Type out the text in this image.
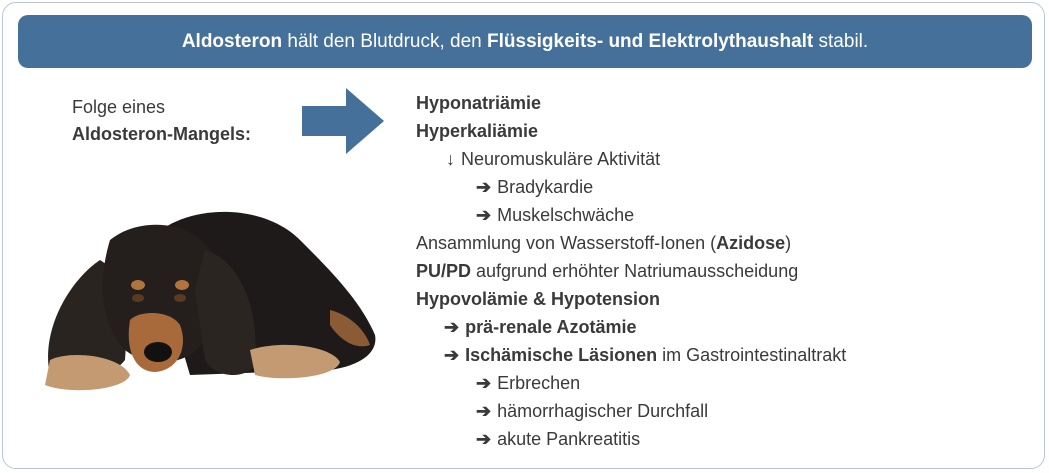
Aldosteron hält den Blutdruck, den Flüssigkeits- und Elektrolythaushalt stabil.
Folge eines
Aldosteron-Mangels:
Hyponatriämie
Hyperkaliämie
↓ Neuromuskuläre Aktivität
➔ Bradykardie
➔ Muskelschwäche
Ansammlung von Wasserstoff-Ionen (Azidose)
PU/PD aufgrund erhöhter Natriumausscheidung
Hypovolämie & Hypotension
➔ prä-renale Azotämie
➔ Ischämische Läsionen im Gastrointestinaltrakt
➔ Erbrechen
➔ hämorrhagischer Durchfall
➔ akute Pankreatitis
